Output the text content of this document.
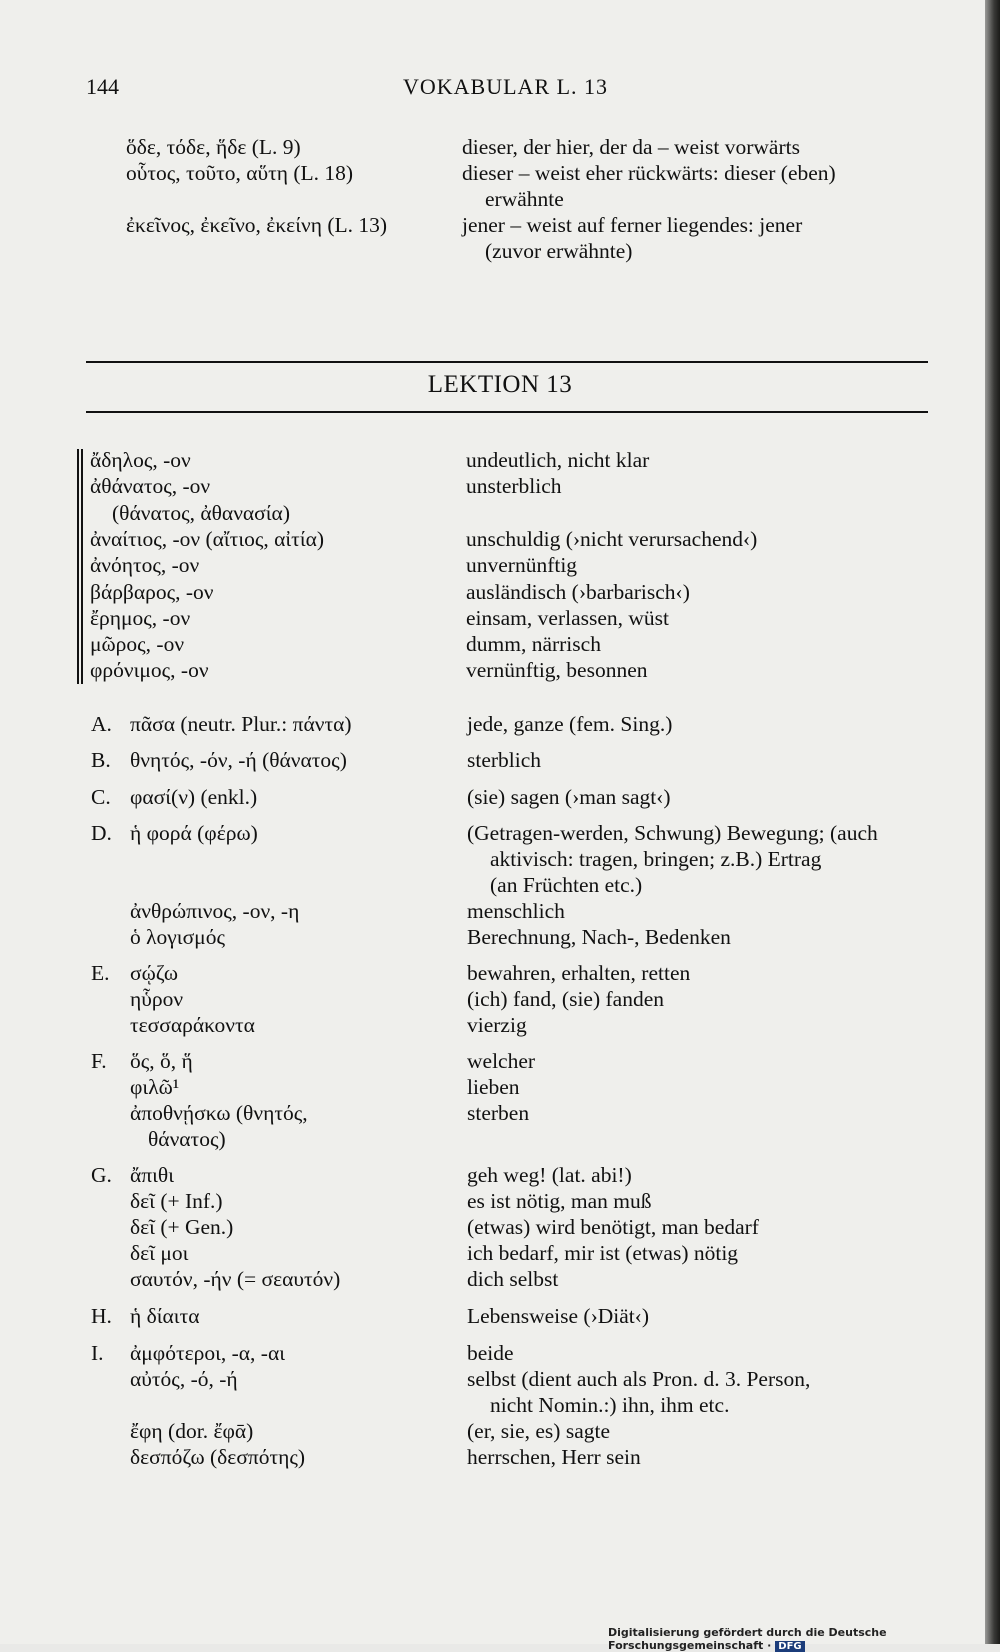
144	VOKABULAR L. 13
ὅδε, τόδε, ἥδε (L. 9)	dieser, der hier, der da – weist vorwärts
οὗτος, τοῦτο, αὕτη (L. 18)	dieser – weist eher rückwärts: dieser (eben)
erwähnte
ἐκεῖνος, ἐκεῖνο, ἐκείνη (L. 13)	jener – weist auf ferner liegendes: jener
(zuvor erwähnte)
LEKTION 13
ἄδηλος, -ον	undeutlich, nicht klar
ἀθάνατος, -ον	unsterblich
(θάνατος, ἀθανασία)
ἀναίτιος, -ον (αἴτιος, αἰτία)	unschuldig (›nicht verursachend‹)
ἀνόητος, -ον	unvernünftig
βάρβαρος, -ον	ausländisch (›barbarisch‹)
ἔρημος, -ον	einsam, verlassen, wüst
μῶρος, -ον	dumm, närrisch
φρόνιμος, -ον	vernünftig, besonnen
A. πᾶσα (neutr. Plur.: πάντα)	jede, ganze (fem. Sing.)
B. θνητός, -όν, -ή (θάνατος)	sterblich
C. φασί(ν) (enkl.)	(sie) sagen (›man sagt‹)
D. ἡ φορά (φέρω)	(Getragen-werden, Schwung) Bewegung; (auch
aktivisch: tragen, bringen; z.B.) Ertrag
(an Früchten etc.)
ἀνθρώπινος, -ον, -η	menschlich
ὁ λογισμός	Berechnung, Nach-, Bedenken
E. σῴζω	bewahren, erhalten, retten
ηὗρον	(ich) fand, (sie) fanden
τεσσαράκοντα	vierzig
F. ὅς, ὅ, ἥ	welcher
φιλῶ¹	lieben
ἀποθνῄσκω (θνητός,	sterben
θάνατος)
G. ἄπιθι	geh weg! (lat. abi!)
δεῖ (+ Inf.)	es ist nötig, man muß
δεῖ (+ Gen.)	(etwas) wird benötigt, man bedarf
δεῖ μοι	ich bedarf, mir ist (etwas) nötig
σαυτόν, -ήν (= σεαυτόν)	dich selbst
H. ἡ δίαιτα	Lebensweise (›Diät‹)
I. ἀμφότεροι, -α, -αι	beide
αὐτός, -ό, -ή	selbst (dient auch als Pron. d. 3. Person,
nicht Nomin.:) ihn, ihm etc.
ἔφη (dor. ἔφᾱ)	(er, sie, es) sagte
δεσπόζω (δεσπότης)	herrschen, Herr sein
Digitalisierung gefördert durch die Deutsche Forschungsgemeinschaft · DFG
